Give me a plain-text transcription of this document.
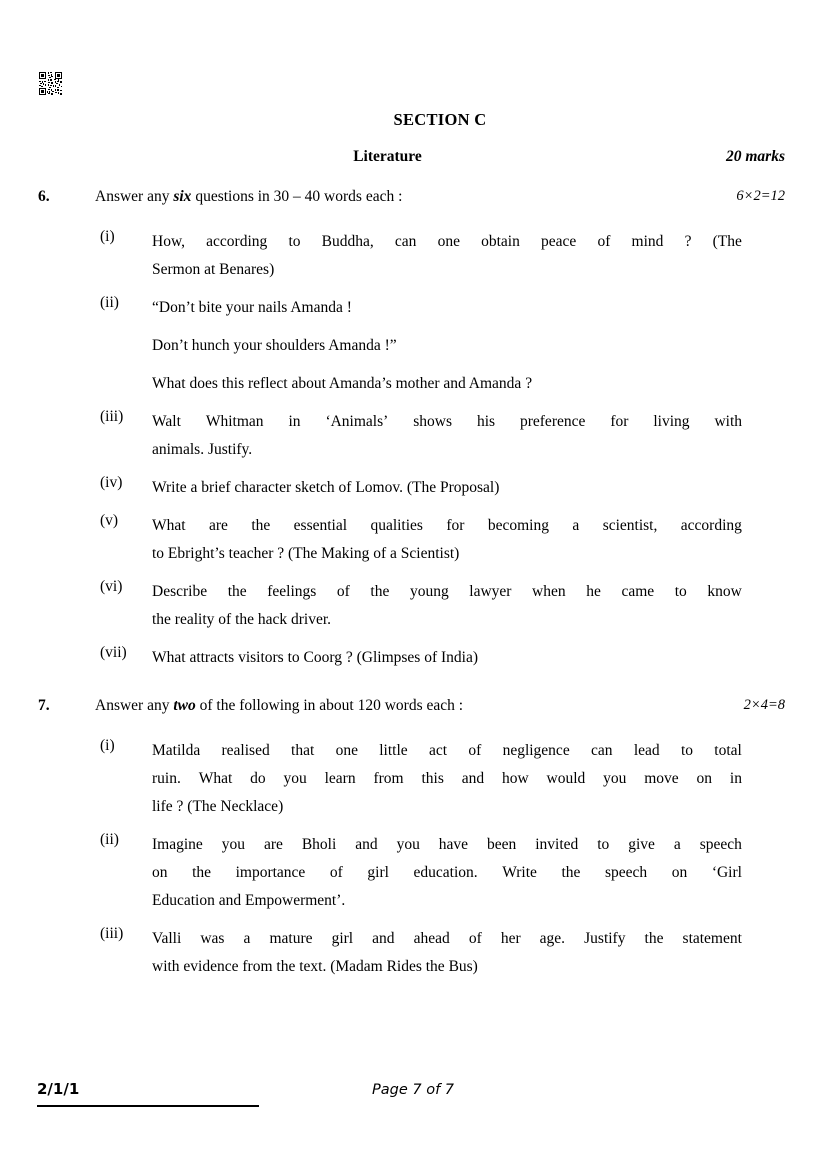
SECTION C
Literature	20 marks
6.	Answer any six questions in 30 – 40 words each :	6×2=12
(i) How, according to Buddha, can one obtain peace of mind ? (The
Sermon at Benares)
(ii) “Don’t bite your nails Amanda !
Don’t hunch your shoulders Amanda !”
What does this reflect about Amanda’s mother and Amanda ?
(iii) Walt Whitman in ‘Animals’ shows his preference for living with
animals. Justify.
(iv) Write a brief character sketch of Lomov. (The Proposal)
(v) What are the essential qualities for becoming a scientist, according
to Ebright’s teacher ? (The Making of a Scientist)
(vi) Describe the feelings of the young lawyer when he came to know
the reality of the hack driver.
(vii) What attracts visitors to Coorg ? (Glimpses of India)
7.	Answer any two of the following in about 120 words each :	2×4=8
(i) Matilda realised that one little act of negligence can lead to total
ruin. What do you learn from this and how would you move on in
life ? (The Necklace)
(ii) Imagine you are Bholi and you have been invited to give a speech
on the importance of girl education. Write the speech on ‘Girl
Education and Empowerment’.
(iii) Valli was a mature girl and ahead of her age. Justify the statement
with evidence from the text. (Madam Rides the Bus)
2/1/1	Page 7 of 7
